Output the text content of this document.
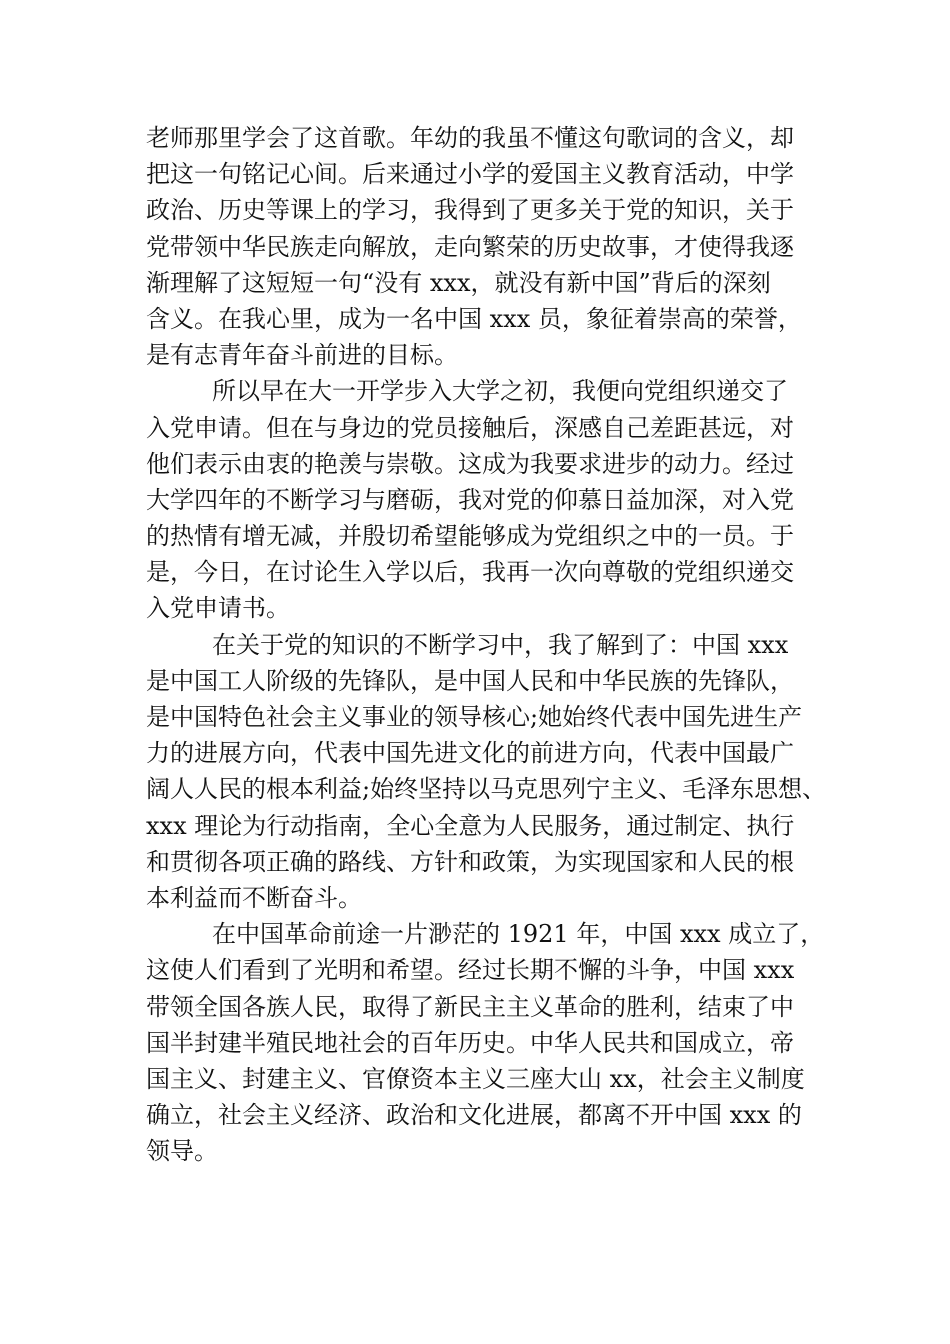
老师那里学会了这首歌。年幼的我虽不懂这句歌词的含义，却
把这一句铭记心间。后来通过小学的爱国主义教育活动，中学
政治、历史等课上的学习，我得到了更多关于党的知识，关于
党带领中华民族走向解放，走向繁荣的历史故事，才使得我逐
渐理解了这短短一句“没有 xxx，就没有新中国”背后的深刻
含义。在我心里，成为一名中国 xxx 员，象征着崇高的荣誉，
是有志青年奋斗前进的目标。
所以早在大一开学步入大学之初，我便向党组织递交了
入党申请。但在与身边的党员接触后，深感自己差距甚远，对
他们表示由衷的艳羡与崇敬。这成为我要求进步的动力。经过
大学四年的不断学习与磨砺，我对党的仰慕日益加深，对入党
的热情有增无减，并殷切希望能够成为党组织之中的一员。于
是，今日，在讨论生入学以后，我再一次向尊敬的党组织递交
入党申请书。
在关于党的知识的不断学习中，我了解到了：中国 xxx
是中国工人阶级的先锋队，是中国人民和中华民族的先锋队，
是中国特色社会主义事业的领导核心;她始终代表中国先进生产
力的进展方向，代表中国先进文化的前进方向，代表中国最广
阔人人民的根本利益;始终坚持以马克思列宁主义、毛泽东思想、
xxx 理论为行动指南，全心全意为人民服务，通过制定、执行
和贯彻各项正确的路线、方针和政策，为实现国家和人民的根
本利益而不断奋斗。
在中国革命前途一片渺茫的 1921 年，中国 xxx 成立了，
这使人们看到了光明和希望。经过长期不懈的斗争，中国 xxx
带领全国各族人民，取得了新民主主义革命的胜利，结束了中
国半封建半殖民地社会的百年历史。中华人民共和国成立，帝
国主义、封建主义、官僚资本主义三座大山 xx，社会主义制度
确立，社会主义经济、政治和文化进展，都离不开中国 xxx 的
领导。
